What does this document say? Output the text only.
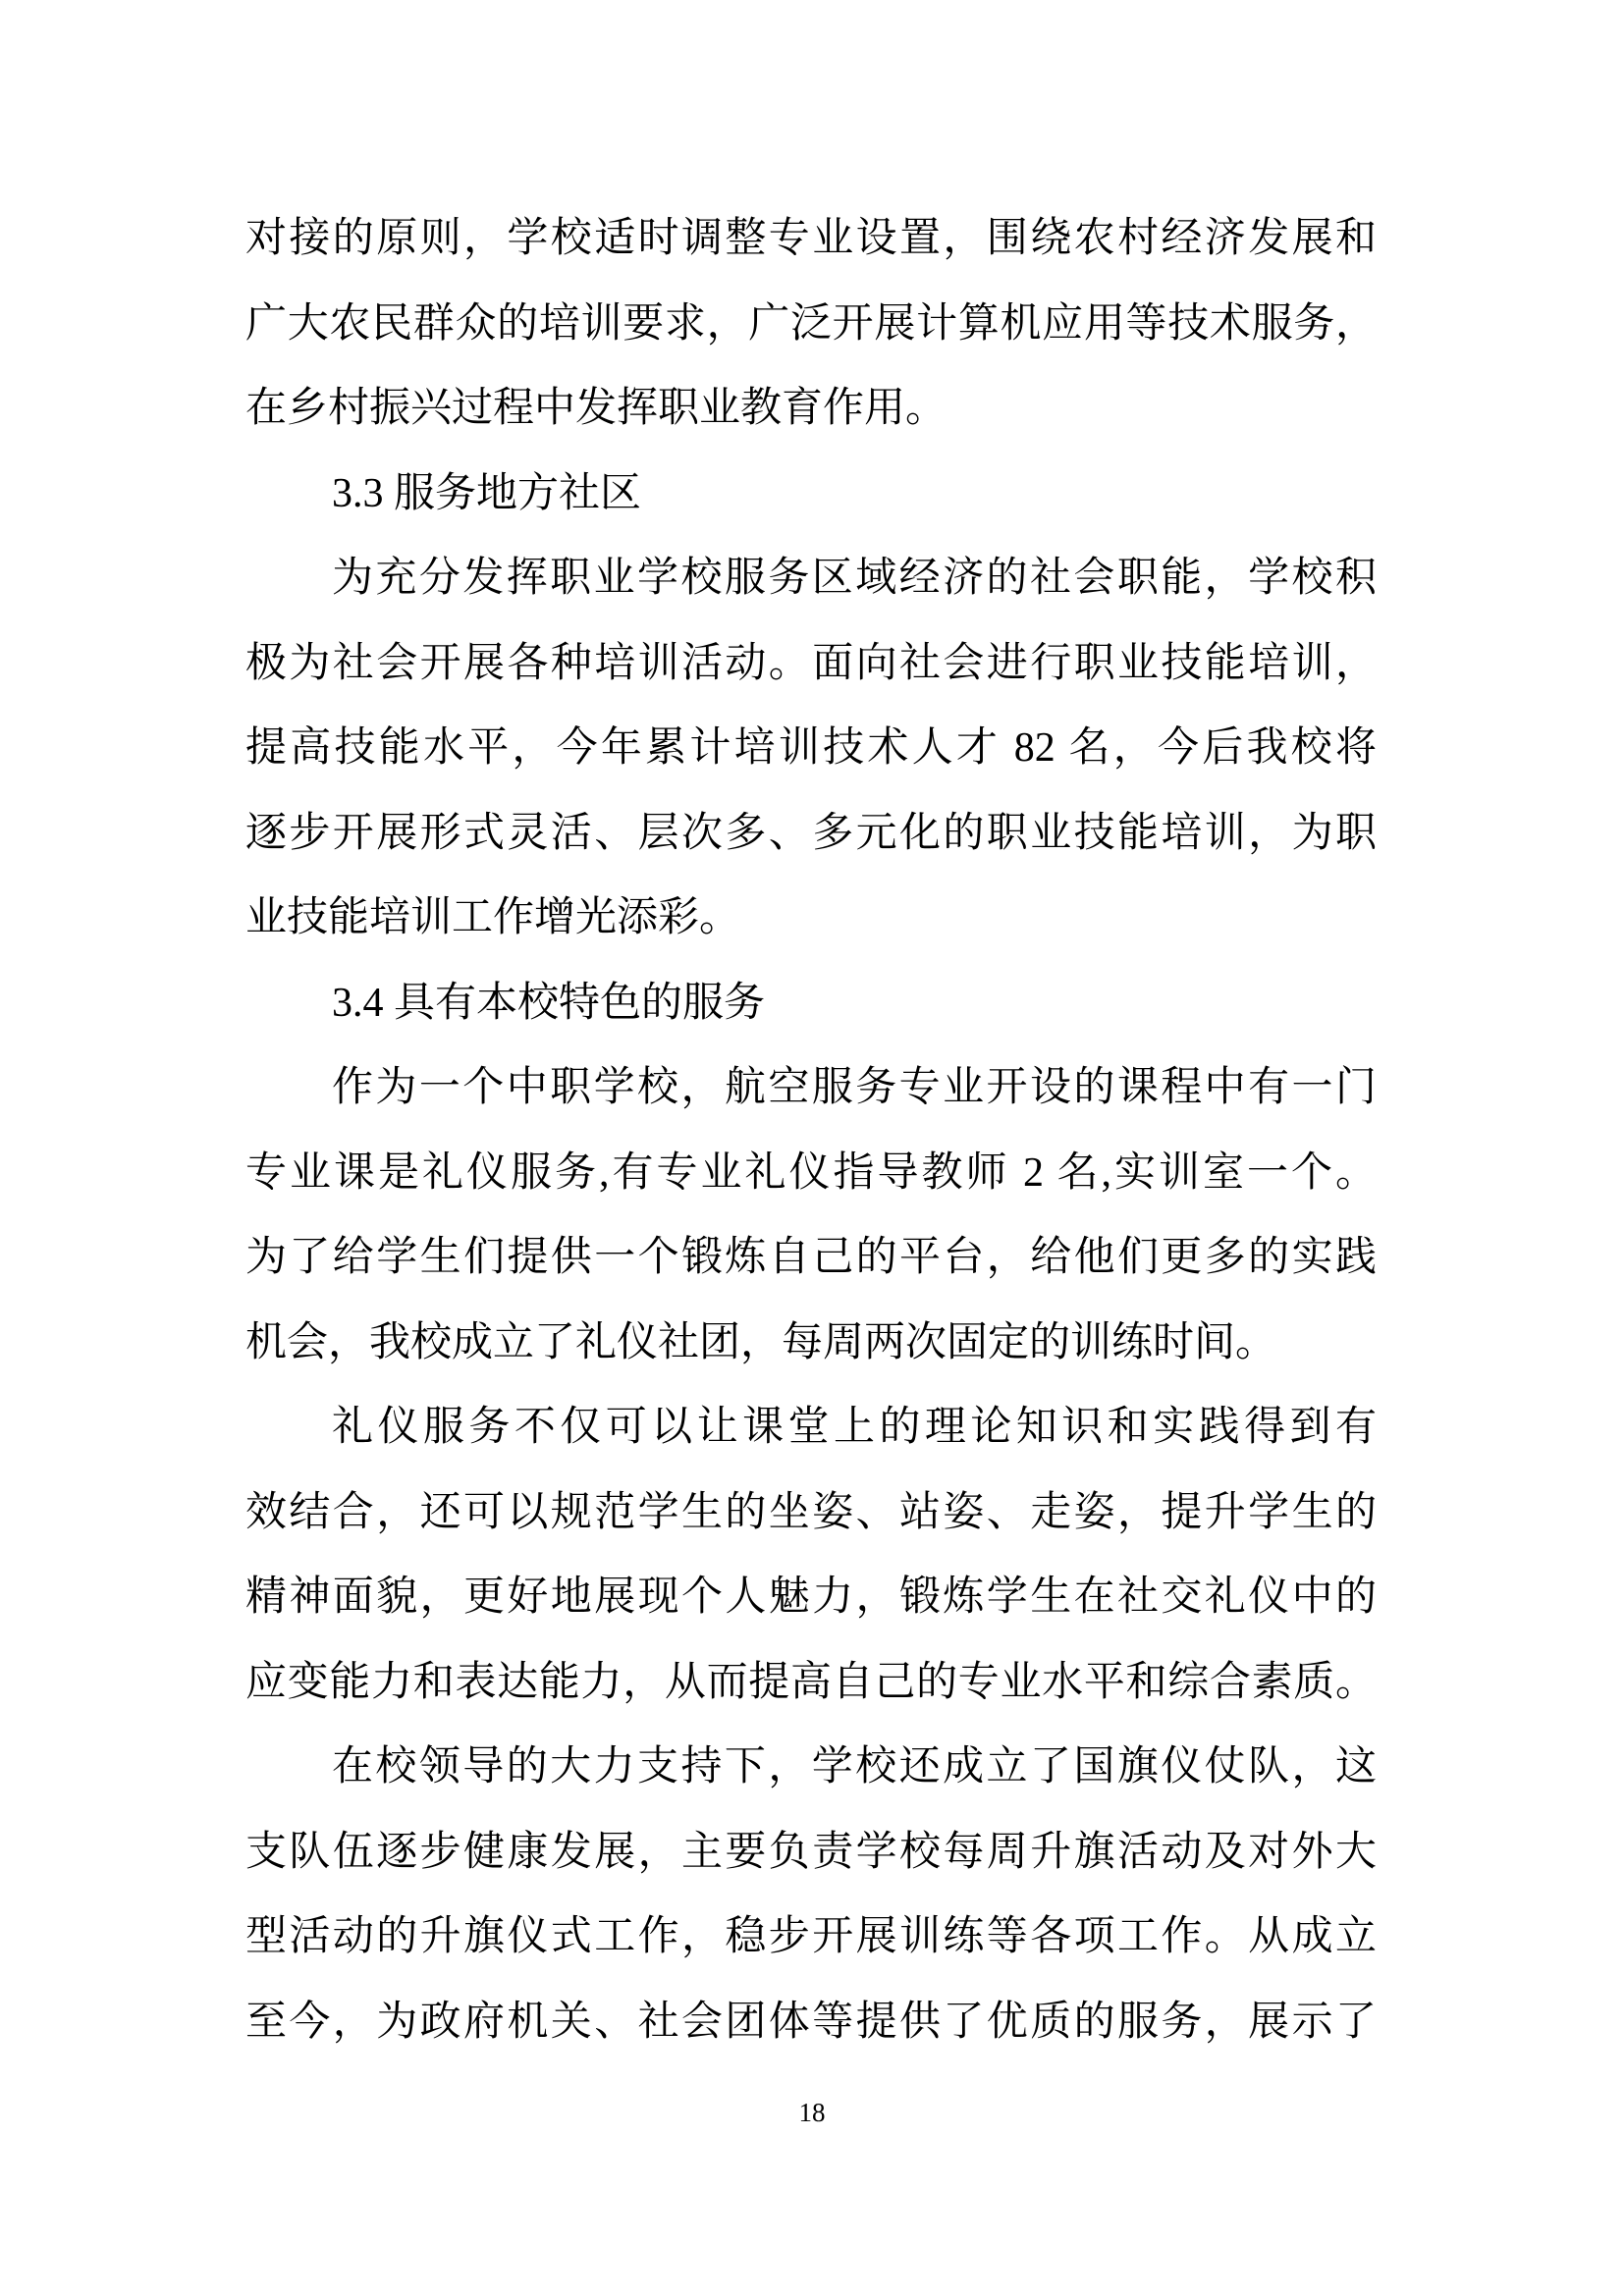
对接的原则，学校适时调整专业设置，围绕农村经济发展和
广大农民群众的培训要求，广泛开展计算机应用等技术服务，
在乡村振兴过程中发挥职业教育作用。
3.3 服务地方社区
为充分发挥职业学校服务区域经济的社会职能，学校积
极为社会开展各种培训活动。面向社会进行职业技能培训，
提高技能水平，今年累计培训技术人才 82 名，今后我校将
逐步开展形式灵活、层次多、多元化的职业技能培训，为职
业技能培训工作增光添彩。
3.4 具有本校特色的服务
作为一个中职学校，航空服务专业开设的课程中有一门
专业课是礼仪服务,有专业礼仪指导教师 2 名,实训室一个。
为了给学生们提供一个锻炼自己的平台，给他们更多的实践
机会，我校成立了礼仪社团，每周两次固定的训练时间。
礼仪服务不仅可以让课堂上的理论知识和实践得到有
效结合，还可以规范学生的坐姿、站姿、走姿，提升学生的
精神面貌，更好地展现个人魅力，锻炼学生在社交礼仪中的
应变能力和表达能力，从而提高自己的专业水平和综合素质。
在校领导的大力支持下，学校还成立了国旗仪仗队，这
支队伍逐步健康发展，主要负责学校每周升旗活动及对外大
型活动的升旗仪式工作，稳步开展训练等各项工作。从成立
至今，为政府机关、社会团体等提供了优质的服务，展示了
18
